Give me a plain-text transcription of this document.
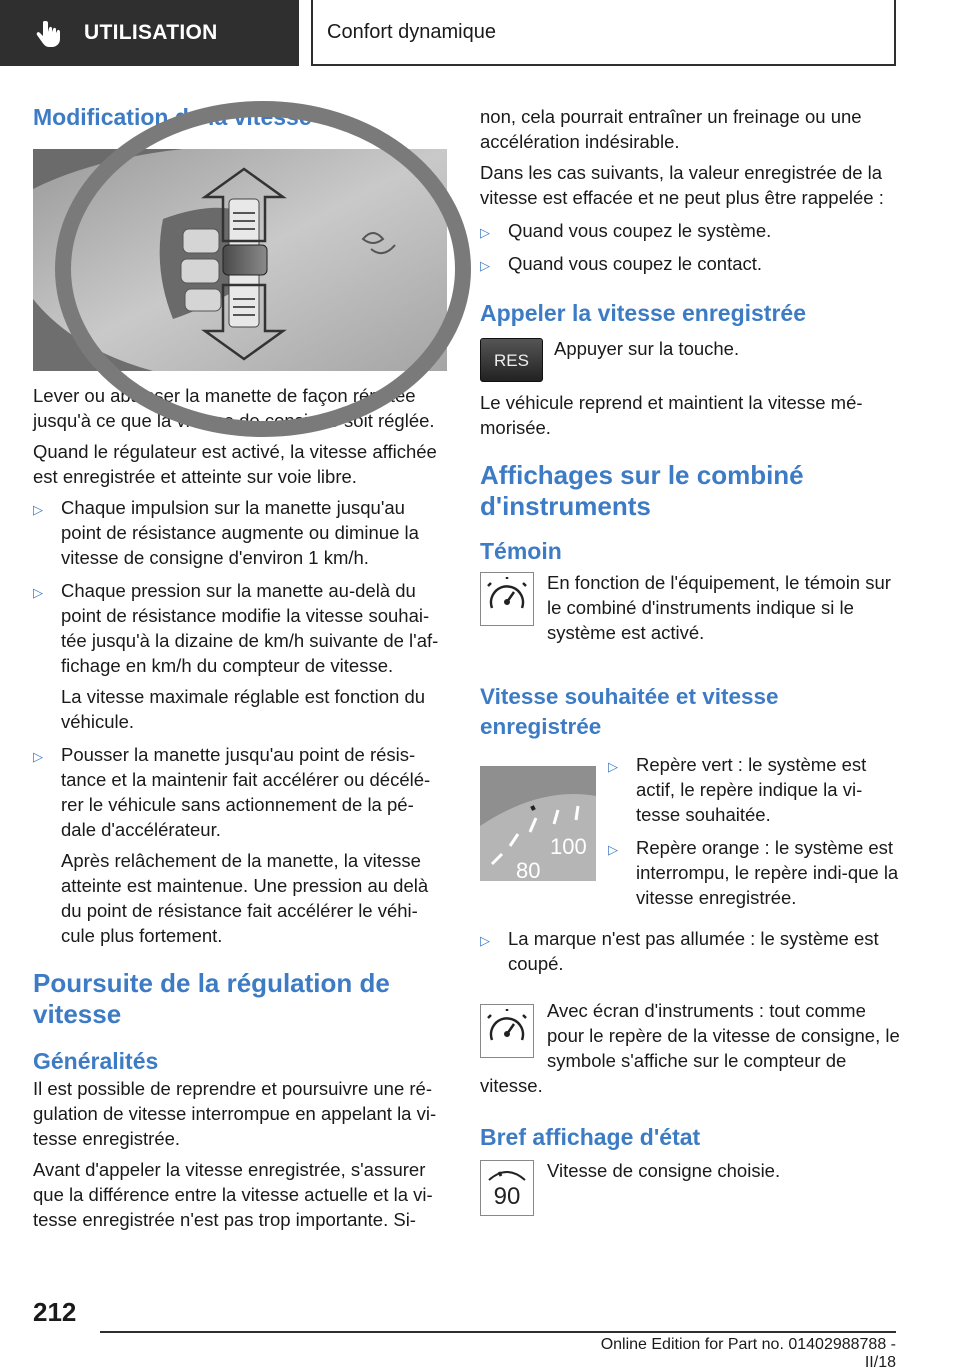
UTILISATION	Confort dynamique
Modification de la vitesse

Lever ou abaisser la manette de façon répétée jusqu'à ce que la vitesse de consigne soit réglée.

Quand le régulateur est activé, la vitesse affichée est enregistrée et atteinte sur voie libre.

▷ Chaque impulsion sur la manette jusqu'au point de résistance augmente ou diminue la vitesse de consigne d'environ 1 km/h.

▷ Chaque pression sur la manette au-delà du point de résistance modifie la vitesse souhai-tée jusqu'à la dizaine de km/h suivante de l'af-fichage en km/h du compteur de vitesse.

La vitesse maximale réglable est fonction du véhicule.

▷ Pousser la manette jusqu'au point de résis-tance et la maintenir fait accélérer ou décélé-rer le véhicule sans actionnement de la pé-dale d'accélérateur.

Après relâchement de la manette, la vitesse atteinte est maintenue. Une pression au delà du point de résistance fait accélérer le véhi-cule plus fortement.

Poursuite de la régulation de vitesse
Généralités

Il est possible de reprendre et poursuivre une ré-gulation de vitesse interrompue en appelant la vi-tesse enregistrée.

Avant d'appeler la vitesse enregistrée, s'assurer que la différence entre la vitesse actuelle et la vi-tesse enregistrée n'est pas trop importante. Si-

non, cela pourrait entraîner un freinage ou une accélération indésirable.

Dans les cas suivants, la valeur enregistrée de la vitesse est effacée et ne peut plus être rappelée :

▷ Quand vous coupez le système.

▷ Quand vous coupez le contact.

Appeler la vitesse enregistrée
RES

Appuyer sur la touche.

Le véhicule reprend et maintient la vitesse mé-morisée.

Affichages sur le combiné d'instruments
Témoin

En fonction de l'équipement, le témoin sur le combiné d'instruments indique si le système est activé.

Vitesse souhaitée et vitesse enregistrée
100
80
▷ Repère vert : le système est actif, le repère indique la vi-tesse souhaitée.

▷ Repère orange : le système est interrompu, le repère indi-que la vitesse enregistrée.

▷ La marque n'est pas allumée : le système est coupé.

Avec écran d'instruments : tout comme pour le repère de la vitesse de consigne, le symbole s'affiche sur le compteur de vitesse.

Bref affichage d'état
90

Vitesse de consigne choisie.

212
Online Edition for Part no. 01402988788 - II/18
